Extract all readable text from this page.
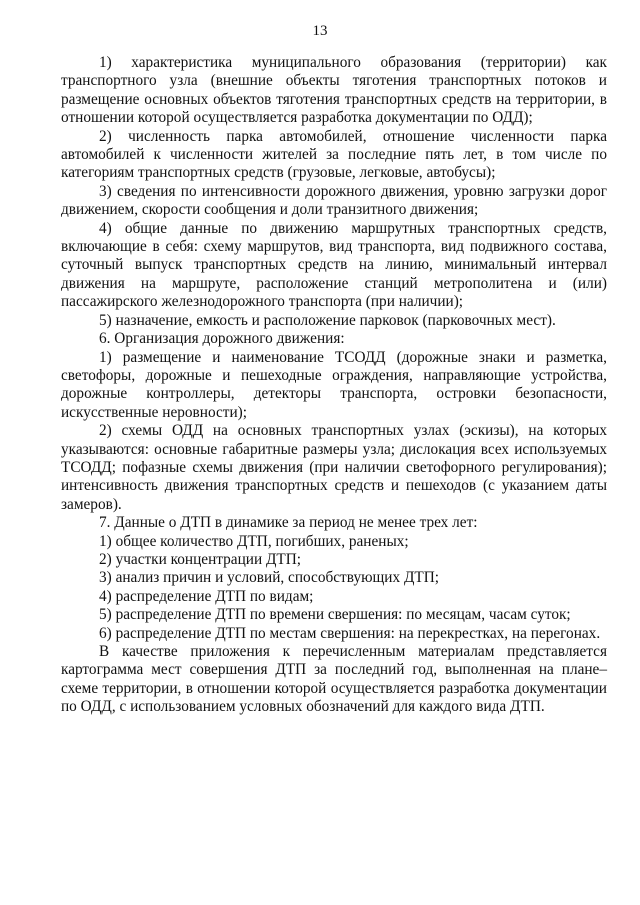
13

1) характеристика муниципального образования (территории) как транспортного узла (внешние объекты тяготения транспортных потоков и размещение основных объектов тяготения транспортных средств на территории, в отношении которой осуществляется разработка документации по ОДД);

2) численность парка автомобилей, отношение численности парка автомобилей к численности жителей за последние пять лет, в том числе по категориям транспортных средств (грузовые, легковые, автобусы);

3) сведения по интенсивности дорожного движения, уровню загрузки дорог движением, скорости сообщения и доли транзитного движения;

4) общие данные по движению маршрутных транспортных средств, включающие в себя: схему маршрутов, вид транспорта, вид подвижного состава, суточный выпуск транспортных средств на линию, минимальный интервал движения на маршруте, расположение станций метрополитена и (или) пассажирского железнодорожного транспорта (при наличии);

5) назначение, емкость и расположение парковок (парковочных мест).

6. Организация дорожного движения:

1) размещение и наименование ТСОДД (дорожные знаки и разметка, светофоры, дорожные и пешеходные ограждения, направляющие устройства, дорожные контроллеры, детекторы транспорта, островки безопасности, искусственные неровности);

2) схемы ОДД на основных транспортных узлах (эскизы), на которых указываются: основные габаритные размеры узла; дислокация всех используемых ТСОДД; пофазные схемы движения (при наличии светофорного регулирования); интенсивность движения транспортных средств и пешеходов (с указанием даты замеров).

7. Данные о ДТП в динамике за период не менее трех лет:

1) общее количество ДТП, погибших, раненых;

2) участки концентрации ДТП;

3) анализ причин и условий, способствующих ДТП;

4) распределение ДТП по видам;

5) распределение ДТП по времени свершения: по месяцам, часам суток;

6) распределение ДТП по местам свершения: на перекрестках, на перегонах.

В качестве приложения к перечисленным материалам представляется картограмма мест совершения ДТП за последний год, выполненная на плане–схеме территории, в отношении которой осуществляется разработка документации по ОДД, с использованием условных обозначений для каждого вида ДТП.
